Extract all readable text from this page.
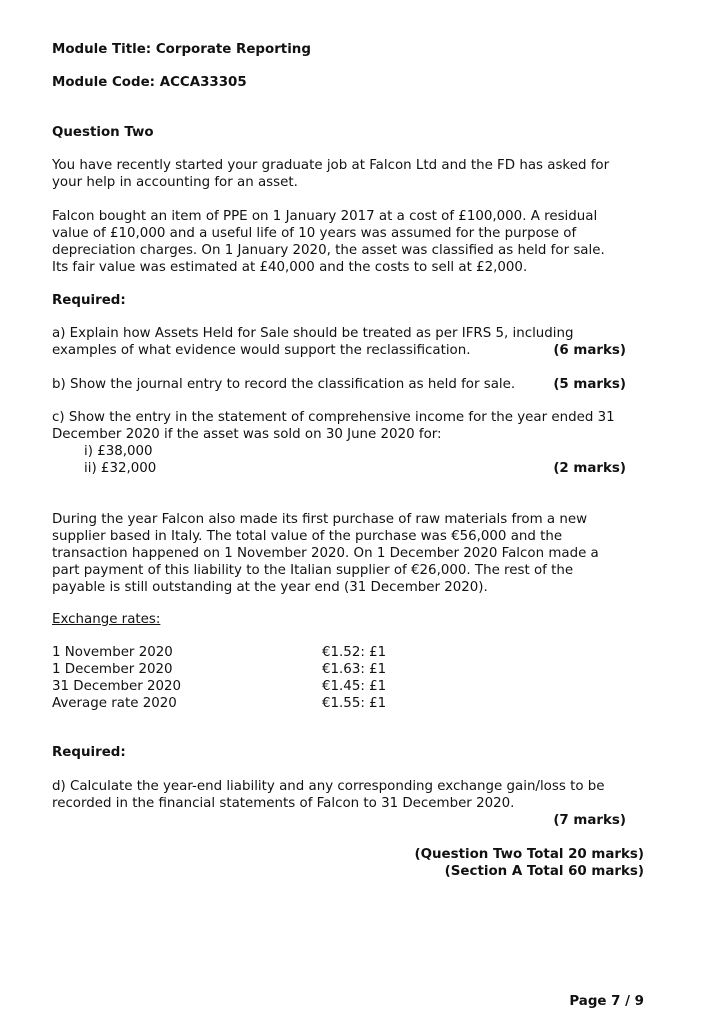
Module Title: Corporate Reporting
Module Code: ACCA33305
Question Two
You have recently started your graduate job at Falcon Ltd and the FD has asked for
your help in accounting for an asset.
Falcon bought an item of PPE on 1 January 2017 at a cost of £100,000. A residual
value of £10,000 and a useful life of 10 years was assumed for the purpose of
depreciation charges. On 1 January 2020, the asset was classified as held for sale.
Its fair value was estimated at £40,000 and the costs to sell at £2,000.
Required:
a) Explain how Assets Held for Sale should be treated as per IFRS 5, including
examples of what evidence would support the reclassification.	(6 marks)
b) Show the journal entry to record the classification as held for sale.	(5 marks)
c) Show the entry in the statement of comprehensive income for the year ended 31
December 2020 if the asset was sold on 30 June 2020 for:
i) £38,000
ii) £32,000	(2 marks)
During the year Falcon also made its first purchase of raw materials from a new
supplier based in Italy. The total value of the purchase was €56,000 and the
transaction happened on 1 November 2020. On 1 December 2020 Falcon made a
part payment of this liability to the Italian supplier of €26,000. The rest of the
payable is still outstanding at the year end (31 December 2020).
Exchange rates:
1 November 2020	€1.52: £1
1 December 2020	€1.63: £1
31 December 2020	€1.45: £1
Average rate 2020	€1.55: £1
Required:
d) Calculate the year-end liability and any corresponding exchange gain/loss to be
recorded in the financial statements of Falcon to 31 December 2020.
(7 marks)
(Question Two Total 20 marks)
(Section A Total 60 marks)
Page 7 / 9
